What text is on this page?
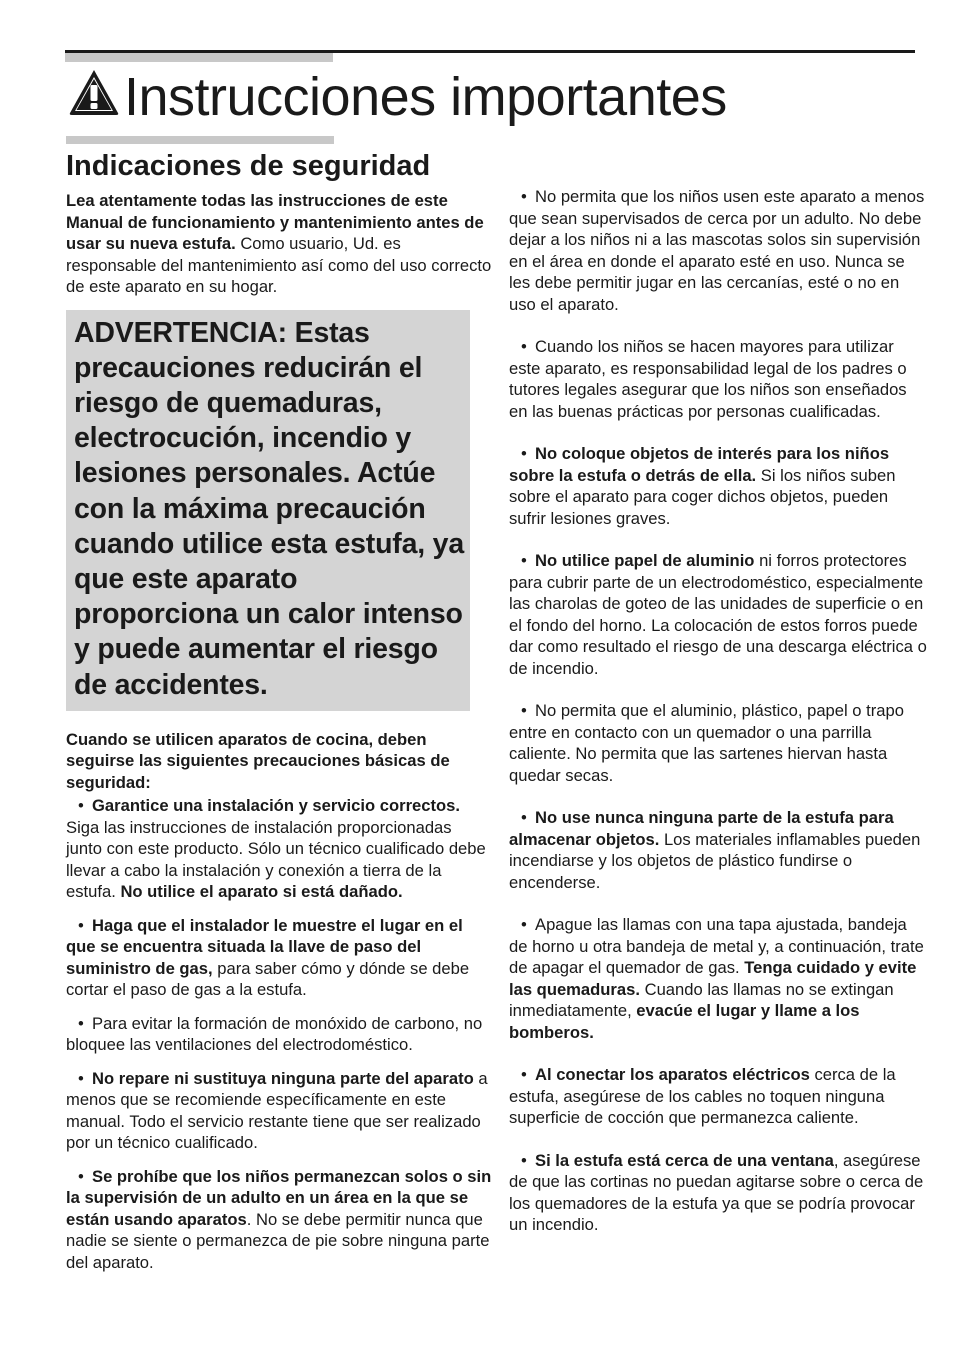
Instrucciones importantes
Indicaciones de seguridad

Lea atentamente todas las instrucciones de este Manual de funcionamiento y mantenimiento antes de usar su nueva estufa. Como usuario, Ud. es responsable del mantenimiento así como del uso correcto de este aparato en su hogar.

ADVERTENCIA: Estas precauciones reducirán el riesgo de quemaduras, electrocución, incendio y lesiones personales. Actúe con la máxima precaución cuando utilice esta estufa, ya que este aparato proporciona un calor intenso y puede aumentar el riesgo de accidentes.

Cuando se utilicen aparatos de cocina, deben seguirse las siguientes precauciones básicas de seguridad:

• Garantice una instalación y servicio correctos. Siga las instrucciones de instalación proporcionadas junto con este producto. Sólo un técnico cualificado debe llevar a cabo la instalación y conexión a tierra de la estufa. No utilice el aparato si está dañado.

• Haga que el instalador le muestre el lugar en el que se encuentra situada la llave de paso del suministro de gas, para saber cómo y dónde se debe cortar el paso de gas a la estufa.

• Para evitar la formación de monóxido de carbono, no bloquee las ventilaciones del electrodoméstico.

• No repare ni sustituya ninguna parte del aparato a menos que se recomiende específicamente en este manual. Todo el servicio restante tiene que ser realizado por un técnico cualificado.

• Se prohíbe que los niños permanezcan solos o sin la supervisión de un adulto en un área en la que se están usando aparatos. No se debe permitir nunca que nadie se siente o permanezca de pie sobre ninguna parte del aparato.

• No permita que los niños usen este aparato a menos que sean supervisados de cerca por un adulto. No debe dejar a los niños ni a las mascotas solos sin supervisión en el área en donde el aparato esté en uso. Nunca se les debe permitir jugar en las cercanías, esté o no en uso el aparato.

• Cuando los niños se hacen mayores para utilizar este aparato, es responsabilidad legal de los padres o tutores legales asegurar que los niños son enseñados en las buenas prácticas por personas cualificadas.

• No coloque objetos de interés para los niños sobre la estufa o detrás de ella. Si los niños suben sobre el aparato para coger dichos objetos, pueden sufrir lesiones graves.

• No utilice papel de aluminio ni forros protectores para cubrir parte de un electrodoméstico, especialmente las charolas de goteo de las unidades de superficie o en el fondo del horno. La colocación de estos forros puede dar como resultado el riesgo de una descarga eléctrica o de incendio.

• No permita que el aluminio, plástico, papel o trapo entre en contacto con un quemador o una parrilla caliente. No permita que las sartenes hiervan hasta quedar secas.

• No use nunca ninguna parte de la estufa para almacenar objetos. Los materiales inflamables pueden incendiarse y los objetos de plástico fundirse o encenderse.

• Apague las llamas con una tapa ajustada, bandeja de horno u otra bandeja de metal y, a continuación, trate de apagar el quemador de gas. Tenga cuidado y evite las quemaduras. Cuando las llamas no se extingan inmediatamente, evacúe el lugar y llame a los bomberos.

• Al conectar los aparatos eléctricos cerca de la estufa, asegúrese de los cables no toquen ninguna superficie de cocción que permanezca caliente.

• Si la estufa está cerca de una ventana, asegúrese de que las cortinas no puedan agitarse sobre o cerca de los quemadores de la estufa ya que se podría provocar un incendio.
